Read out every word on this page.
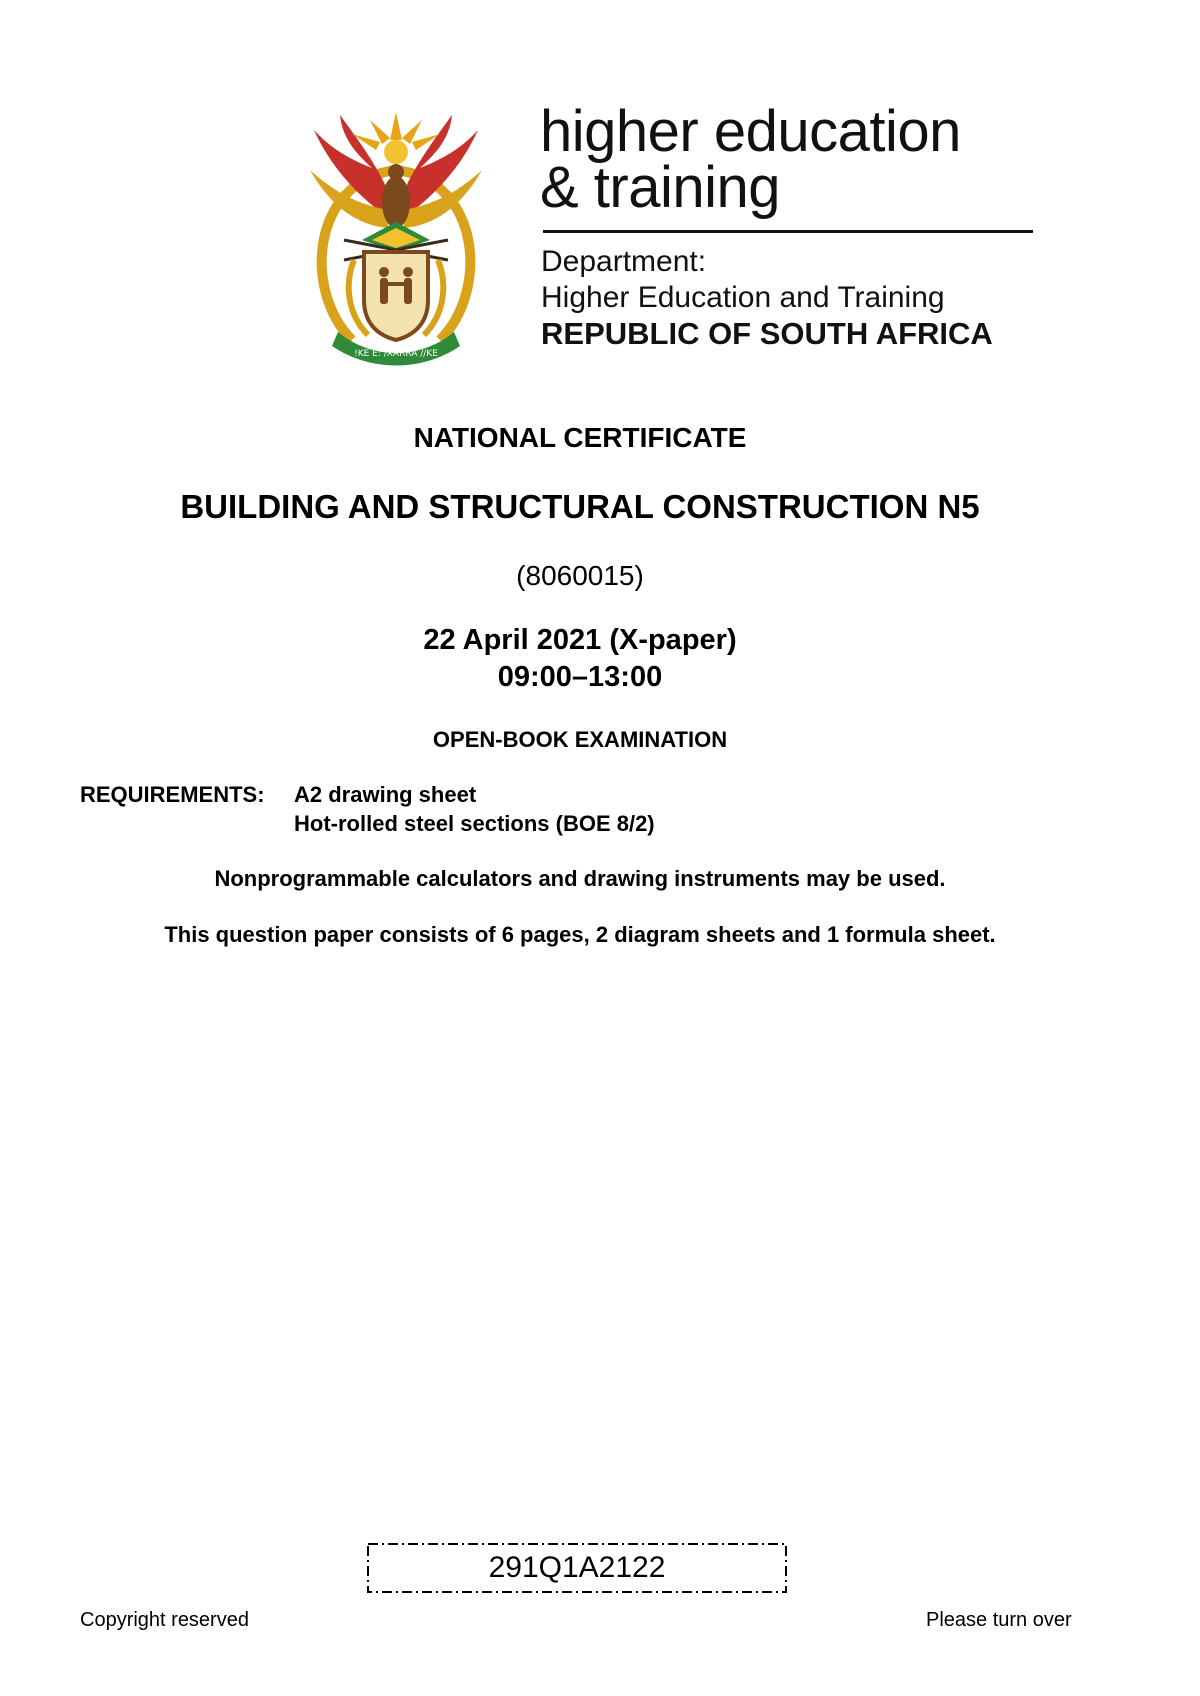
!KE E: /XARRA //KE
higher education
& training
Department:
Higher Education and Training
REPUBLIC OF SOUTH AFRICA
NATIONAL CERTIFICATE
BUILDING AND STRUCTURAL CONSTRUCTION N5
(8060015)
22 April 2021 (X-paper)
09:00–13:00
OPEN-BOOK EXAMINATION
REQUIREMENTS: A2 drawing sheet
Hot-rolled steel sections (BOE 8/2)
Nonprogrammable calculators and drawing instruments may be used.
This question paper consists of 6 pages, 2 diagram sheets and 1 formula sheet.
291Q1A2122
Copyright reserved	Please turn over
